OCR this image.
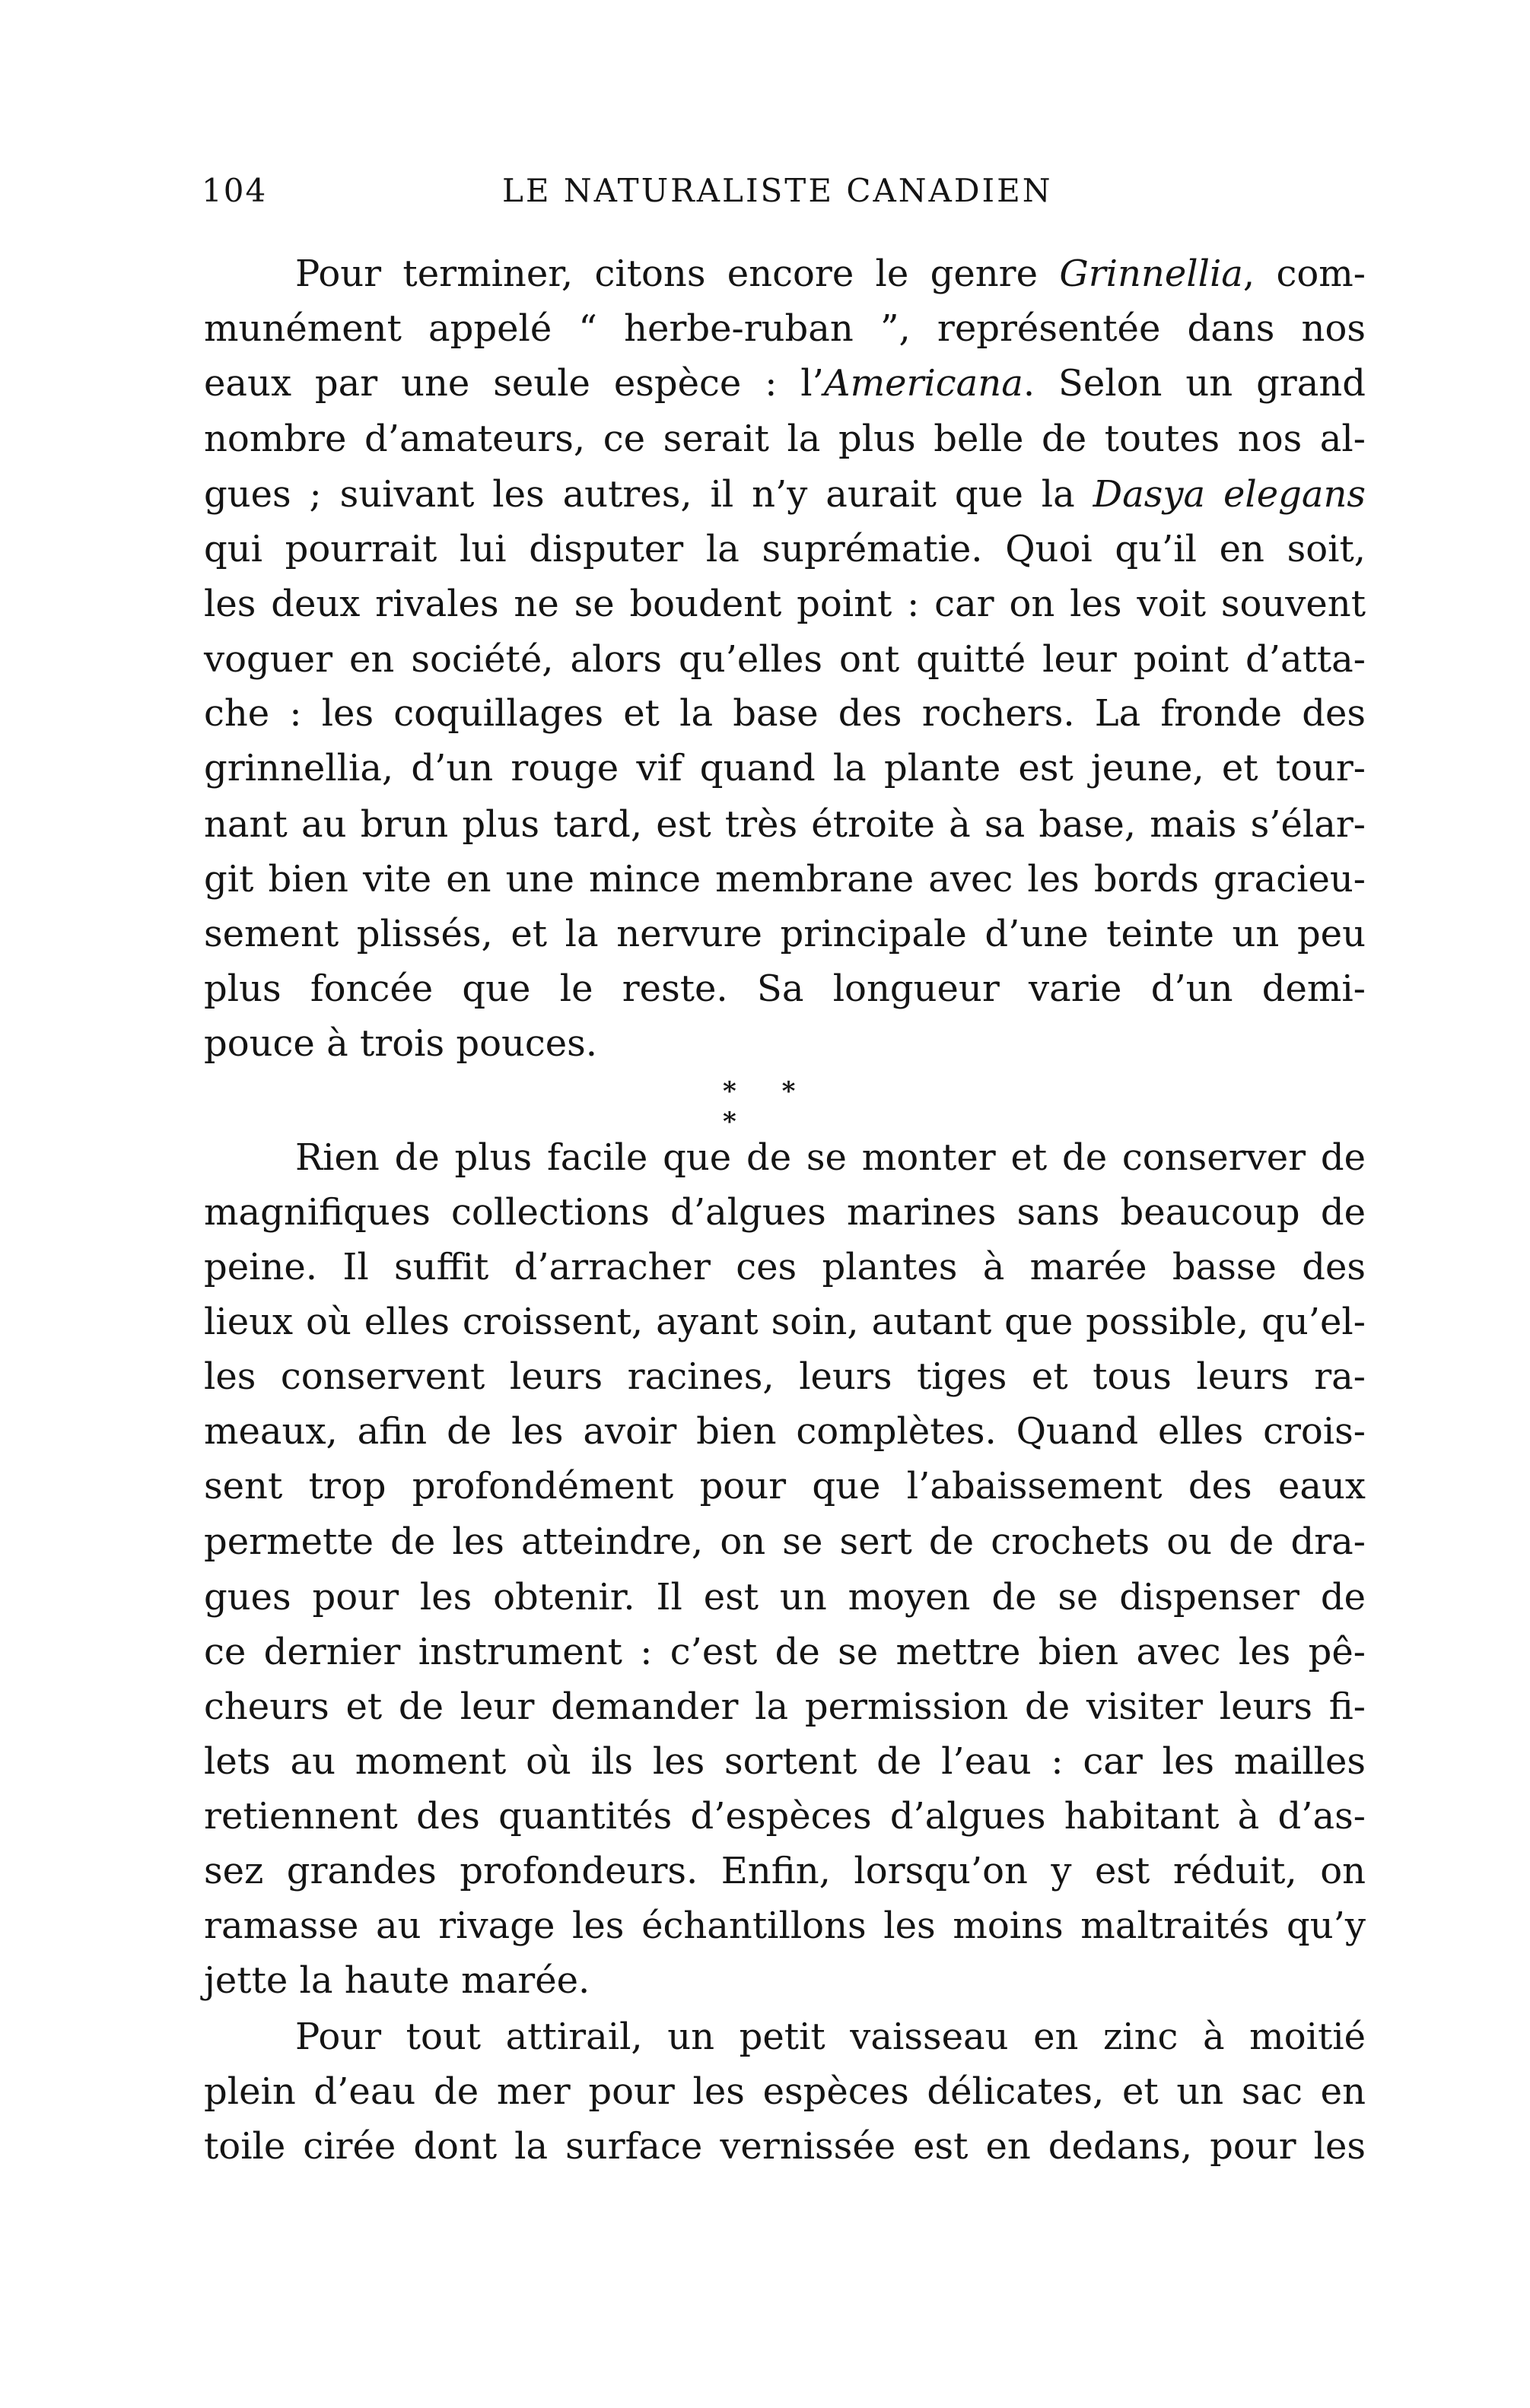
104	LE NATURALISTE CANADIEN
Pour terminer, citons encore le genre Grinnellia, com-
munément appelé “ herbe-ruban ”, représentée dans nos
eaux par une seule espèce : l’Americana. Selon un grand
nombre d’amateurs, ce serait la plus belle de toutes nos al-
gues ; suivant les autres, il n’y aurait que la Dasya elegans
qui pourrait lui disputer la suprématie. Quoi qu’il en soit,
les deux rivales ne se boudent point : car on les voit souvent
voguer en société, alors qu’elles ont quitté leur point d’atta-
che : les coquillages et la base des rochers. La fronde des
grinnellia, d’un rouge vif quand la plante est jeune, et tour-
nant au brun plus tard, est très étroite à sa base, mais s’élar-
git bien vite en une mince membrane avec les bords gracieu-
sement plissés, et la nervure principale d’une teinte un peu
plus foncée que le reste. Sa longueur varie d’un demi-
pouce à trois pouces.
* * *
Rien de plus facile que de se monter et de conserver de
magnifiques collections d’algues marines sans beaucoup de
peine. Il suffit d’arracher ces plantes à marée basse des
lieux où elles croissent, ayant soin, autant que possible, qu’el-
les conservent leurs racines, leurs tiges et tous leurs ra-
meaux, afin de les avoir bien complètes. Quand elles crois-
sent trop profondément pour que l’abaissement des eaux
permette de les atteindre, on se sert de crochets ou de dra-
gues pour les obtenir. Il est un moyen de se dispenser de
ce dernier instrument : c’est de se mettre bien avec les pê-
cheurs et de leur demander la permission de visiter leurs fi-
lets au moment où ils les sortent de l’eau : car les mailles
retiennent des quantités d’espèces d’algues habitant à d’as-
sez grandes profondeurs. Enfin, lorsqu’on y est réduit, on
ramasse au rivage les échantillons les moins maltraités qu’y
jette la haute marée.
Pour tout attirail, un petit vaisseau en zinc à moitié
plein d’eau de mer pour les espèces délicates, et un sac en
toile cirée dont la surface vernissée est en dedans, pour les
